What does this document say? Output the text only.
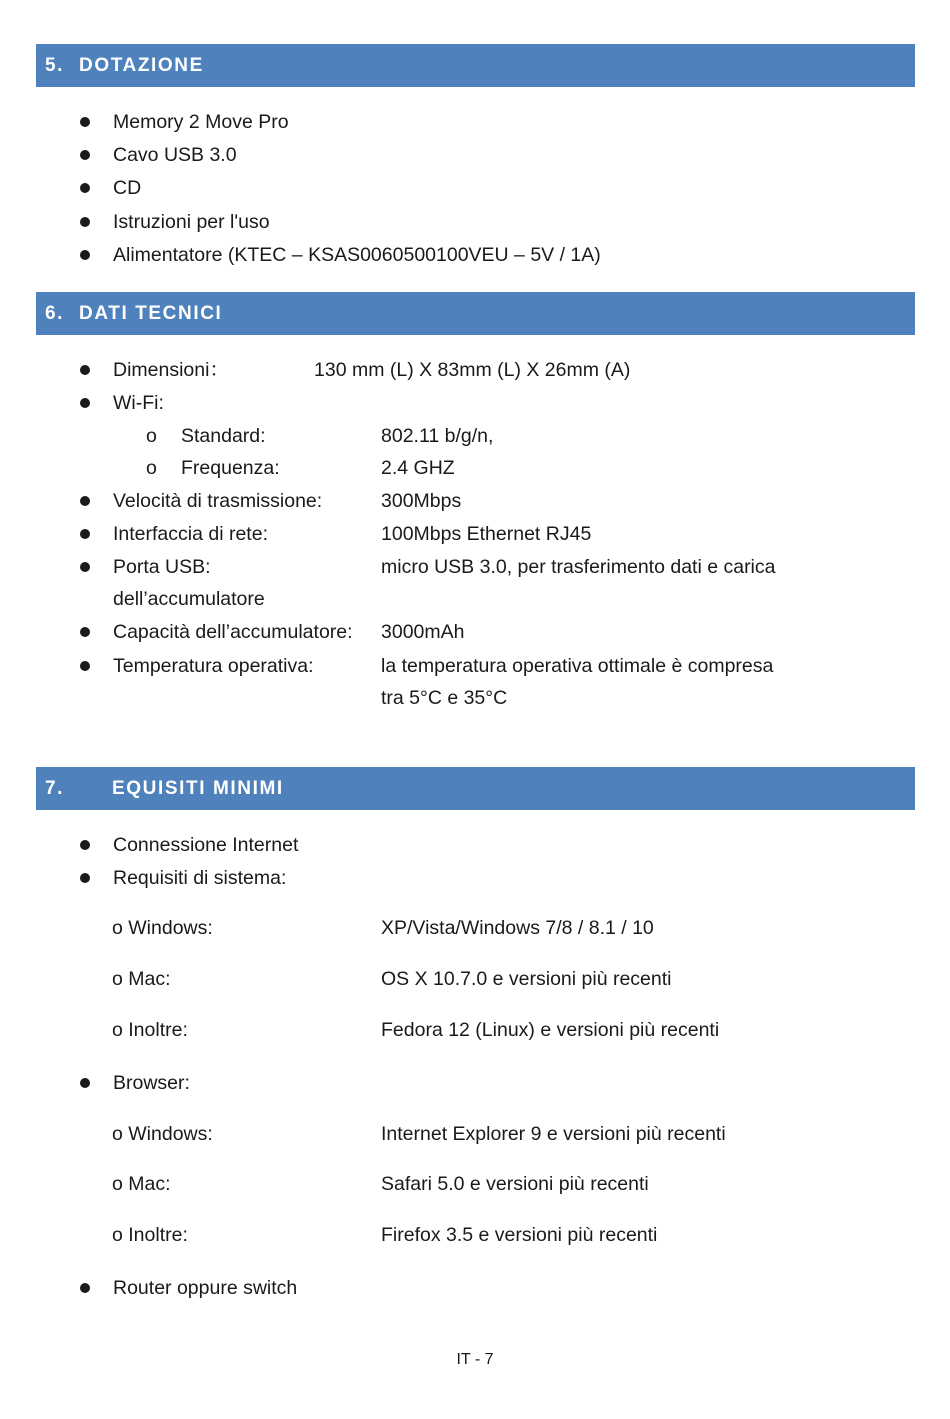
5. DOTAZIONE
Memory 2 Move Pro
Cavo USB 3.0
CD
Istruzioni per l'uso
Alimentatore (KTEC – KSAS0060500100VEU – 5V / 1A)
6. DATI TECNICI
Dimensioni：	130 mm (L) X 83mm (L) X 26mm (A)
Wi-Fi:
o Standard:	802.11 b/g/n,
o Frequenza:	2.4 GHZ
Velocità di trasmissione:	300Mbps
Interfaccia di rete:	100Mbps Ethernet RJ45
Porta USB:	micro USB 3.0, per trasferimento dati e carica
dell’accumulatore
Capacità dell’accumulatore: 3000mAh
Temperatura operativa:	la temperatura operativa ottimale è compresa
tra 5°C e 35°C
7.	EQUISITI MINIMI
Connessione Internet
Requisiti di sistema:
o Windows:	XP/Vista/Windows 7/8 / 8.1 / 10
o Mac:	OS X 10.7.0 e versioni più recenti
o Inoltre:	Fedora 12 (Linux) e versioni più recenti
Browser:
o Windows:	Internet Explorer 9 e versioni più recenti
o Mac:	Safari 5.0 e versioni più recenti
o Inoltre:	Firefox 3.5 e versioni più recenti
Router oppure switch
IT - 7
